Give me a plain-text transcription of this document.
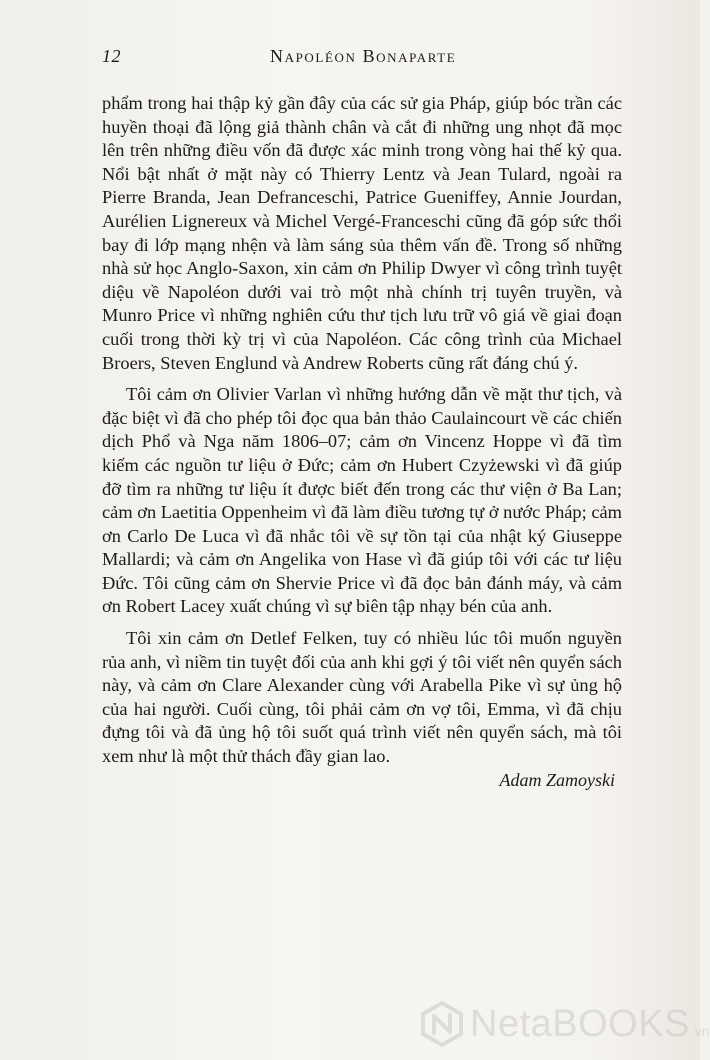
12	Napoléon Bonaparte

phẩm trong hai thập kỷ gần đây của các sử gia Pháp, giúp bóc trần các huyền thoại đã lộng giả thành chân và cắt đi những ung nhọt đã mọc lên trên những điều vốn đã được xác minh trong vòng hai thế kỷ qua. Nổi bật nhất ở mặt này có Thierry Lentz và Jean Tulard, ngoài ra Pierre Branda, Jean Defranceschi, Patrice Gueniffey, Annie Jourdan, Aurélien Lignereux và Michel Vergé-Franceschi cũng đã góp sức thổi bay đi lớp mạng nhện và làm sáng sủa thêm vấn đề. Trong số những nhà sử học Anglo-Saxon, xin cảm ơn Philip Dwyer vì công trình tuyệt diệu về Napoléon dưới vai trò một nhà chính trị tuyên truyền, và Munro Price vì những nghiên cứu thư tịch lưu trữ vô giá về giai đoạn cuối trong thời kỳ trị vì của Napoléon. Các công trình của Michael Broers, Steven Englund và Andrew Roberts cũng rất đáng chú ý.

Tôi cảm ơn Olivier Varlan vì những hướng dẫn về mặt thư tịch, và đặc biệt vì đã cho phép tôi đọc qua bản thảo Caulaincourt về các chiến dịch Phổ và Nga năm 1806–07; cảm ơn Vincenz Hoppe vì đã tìm kiếm các nguồn tư liệu ở Đức; cảm ơn Hubert Czyżewski vì đã giúp đỡ tìm ra những tư liệu ít được biết đến trong các thư viện ở Ba Lan; cảm ơn Laetitia Oppenheim vì đã làm điều tương tự ở nước Pháp; cảm ơn Carlo De Luca vì đã nhắc tôi về sự tồn tại của nhật ký Giuseppe Mallardi; và cảm ơn Angelika von Hase vì đã giúp tôi với các tư liệu Đức. Tôi cũng cảm ơn Shervie Price vì đã đọc bản đánh máy, và cảm ơn Robert Lacey xuất chúng vì sự biên tập nhạy bén của anh.

Tôi xin cảm ơn Detlef Felken, tuy có nhiều lúc tôi muốn nguyền rủa anh, vì niềm tin tuyệt đối của anh khi gợi ý tôi viết nên quyển sách này, và cảm ơn Clare Alexander cùng với Arabella Pike vì sự ủng hộ của hai người. Cuối cùng, tôi phải cảm ơn vợ tôi, Emma, vì đã chịu đựng tôi và đã ủng hộ tôi suốt quá trình viết nên quyển sách, mà tôi xem như là một thử thách đầy gian lao.

Adam Zamoyski
NetaBOOKS .vn
